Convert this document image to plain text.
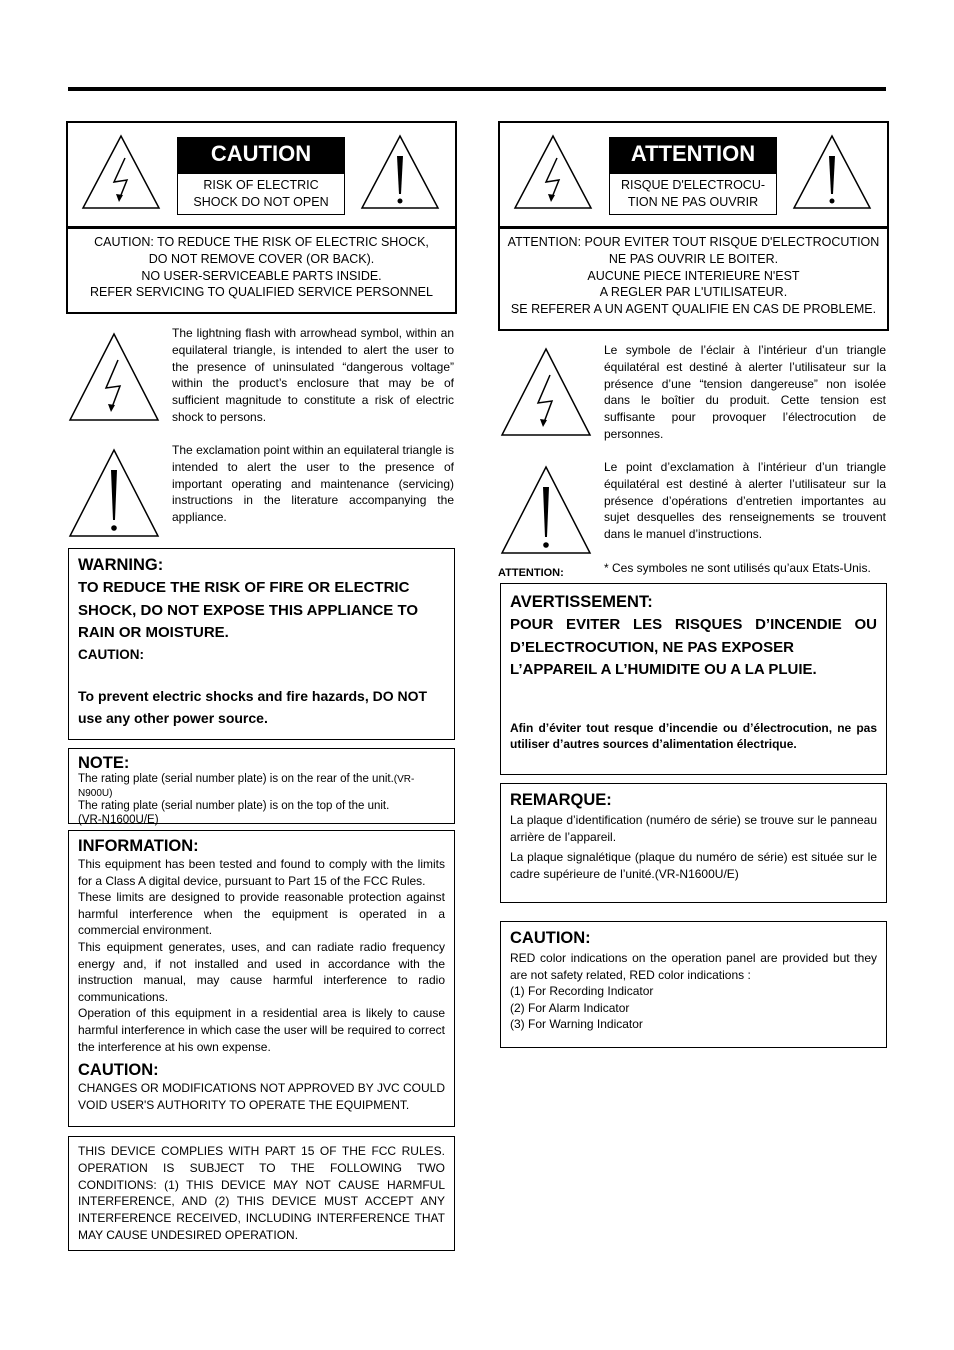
CAUTION
RISK OF ELECTRIC
SHOCK DO NOT OPEN
CAUTION: TO REDUCE THE RISK OF ELECTRIC SHOCK,
DO NOT REMOVE COVER (OR BACK).
NO USER-SERVICEABLE PARTS INSIDE.
REFER SERVICING TO QUALIFIED SERVICE PERSONNEL
The lightning flash with arrowhead symbol, within an equilateral triangle, is intended to alert the user to the presence of uninsulated “dangerous voltage” within the product’s enclosure that may be of sufficient magnitude to constitute a risk of electric shock to persons.
The exclamation point within an equilateral triangle is intended to alert the user to the presence of important operating and maintenance (servicing) instructions in the literature accompanying the appliance.
WARNING:
TO REDUCE THE RISK OF FIRE OR ELECTRIC SHOCK, DO NOT EXPOSE THIS APPLIANCE TO RAIN OR MOISTURE.
CAUTION:
To prevent electric shocks and fire hazards, DO NOT use any other power source.
NOTE:
The rating plate (serial number plate) is on the rear of the unit.(VR-N900U)
The rating plate (serial number plate) is on the top of the unit.
(VR-N1600U/E)
INFORMATION:
This equipment has been tested and found to comply with the limits for a Class A digital device, pursuant to Part 15 of the FCC Rules.
These limits are designed to provide reasonable protection against harmful interference when the equipment is operated in a commercial environment.
This equipment generates, uses, and can radiate radio frequency energy and, if not installed and used in accordance with the instruction manual, may cause harmful interference to radio communications.
Operation of this equipment in a residential area is likely to cause harmful interference in which case the user will be required to correct the interference at his own expense.
CAUTION:
CHANGES OR MODIFICATIONS NOT APPROVED BY JVC COULD VOID USER'S AUTHORITY TO OPERATE THE EQUIPMENT.
THIS DEVICE COMPLIES WITH PART 15 OF THE FCC RULES. OPERATION IS SUBJECT TO THE FOLLOWING TWO CONDITIONS: (1) THIS DEVICE MAY NOT CAUSE HARMFUL INTERFERENCE, AND (2) THIS DEVICE MUST ACCEPT ANY INTERFERENCE RECEIVED, INCLUDING INTERFERENCE THAT MAY CAUSE UNDESIRED OPERATION.
ATTENTION
RISQUE D'ELECTROCU-
TION NE PAS OUVRIR
ATTENTION: POUR EVITER TOUT RISQUE D'ELECTROCUTION
NE PAS OUVRIR LE BOITER.
AUCUNE PIECE INTERIEURE N'EST
A REGLER PAR L'UTILISATEUR.
SE REFERER A UN AGENT QUALIFIE EN CAS DE PROBLEME.
Le symbole de l’éclair à l’intérieur d’un triangle équilatéral est destiné à alerter l’utilisateur sur la présence d’une “tension dangereuse” non isolée dans le boîtier du produit. Cette tension est suffisante pour provoquer l’électrocution de personnes.
Le point d’exclamation à l’intérieur d’un triangle équilatéral est destiné à alerter l’utilisateur sur la présence d’opérations d’entretien importantes au sujet desquelles des renseignements se trouvent dans le manuel d’instructions.
ATTENTION:	* Ces symboles ne sont utilisés qu’aux Etats-Unis.
AVERTISSEMENT:
POUR EVITER LES RISQUES D’INCENDIE OU
D’ELECTROCUTION, NE PAS EXPOSER
L’APPAREIL A L’HUMIDITE OU A LA PLUIE.
Afin d’éviter tout resque d’incendie ou d’électrocution, ne pas utiliser d’autres sources d’alimentation électrique.
REMARQUE:
La plaque d’identification (numéro de série) se trouve sur le panneau arrière de l’appareil.
La plaque signalétique (plaque du numéro de série) est située sur le cadre supérieure de l’unité.(VR-N1600U/E)
CAUTION:
RED color indications on the operation panel are provided but they are not safety related, RED color indications :
(1) For Recording Indicator
(2) For Alarm Indicator
(3) For Warning Indicator
